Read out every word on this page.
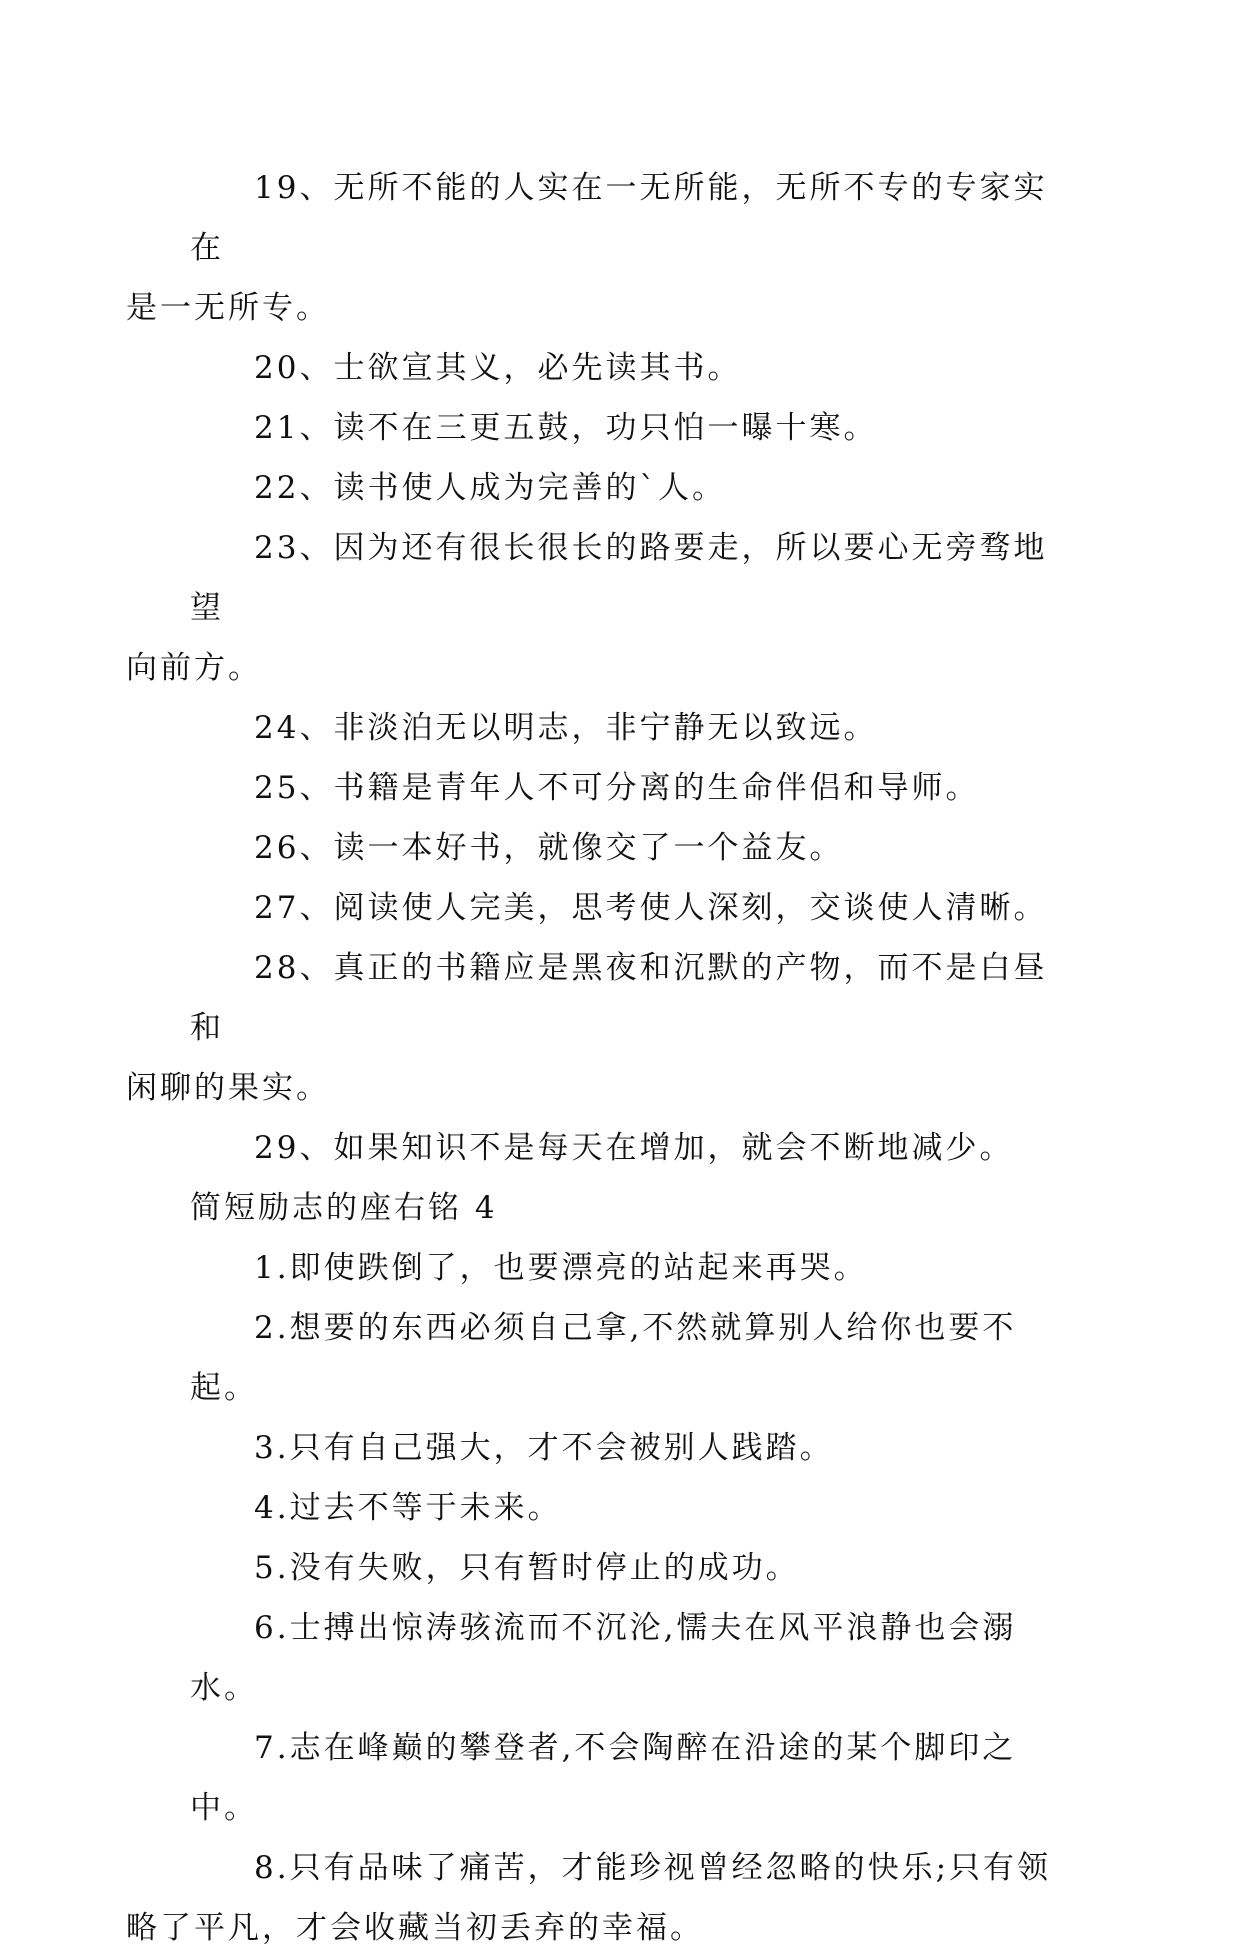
19、无所不能的人实在一无所能，无所不专的专家实在
是一无所专。
20、士欲宣其义，必先读其书。
21、读不在三更五鼓，功只怕一曝十寒。
22、读书使人成为完善的`人。
23、因为还有很长很长的路要走，所以要心无旁骛地望
向前方。
24、非淡泊无以明志，非宁静无以致远。
25、书籍是青年人不可分离的生命伴侣和导师。
26、读一本好书，就像交了一个益友。
27、阅读使人完美，思考使人深刻，交谈使人清晰。
28、真正的书籍应是黑夜和沉默的产物，而不是白昼和
闲聊的果实。
29、如果知识不是每天在增加，就会不断地减少。
简短励志的座右铭 4
1.即使跌倒了，也要漂亮的站起来再哭。
2.想要的东西必须自己拿,不然就算别人给你也要不起。
3.只有自己强大，才不会被别人践踏。
4.过去不等于未来。
5.没有失败，只有暂时停止的成功。
6.士搏出惊涛骇流而不沉沦,懦夫在风平浪静也会溺水。
7.志在峰巅的攀登者,不会陶醉在沿途的某个脚印之中。
8.只有品味了痛苦，才能珍视曾经忽略的快乐;只有领
略了平凡，才会收藏当初丢弃的幸福。
